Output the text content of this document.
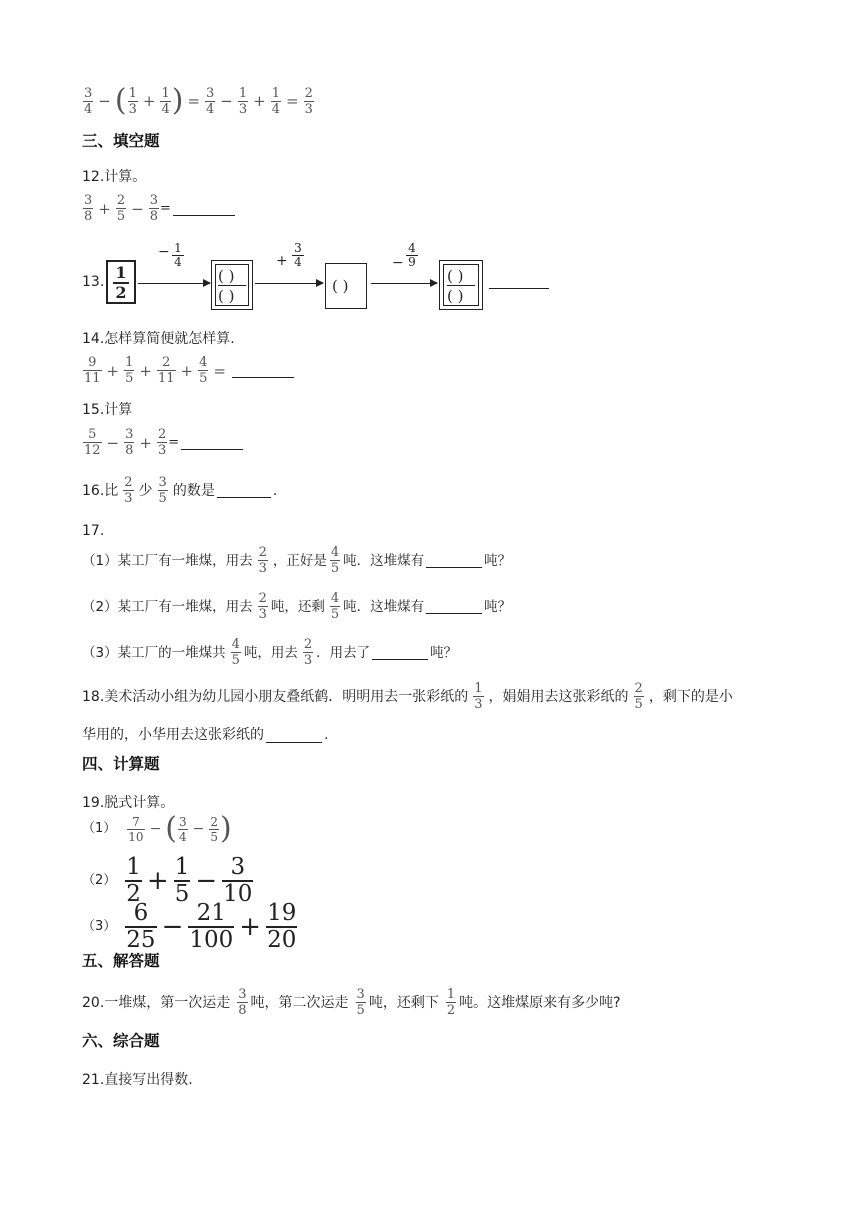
$\frac{3}{4}$ − ( $\frac{1}{3} + \frac{1}{4}$ ) = $\frac{3}{4} - \frac{1}{3} + \frac{1}{4} = \frac{2}{3}$
三、填空题
12.计算。
$\frac{3}{8} + \frac{2}{5} - \frac{3}{8}$ =
13. 1
2
− 1
4
( )
( )
+
3
4
( )
−
4
9
( )
( )
14.怎样算简便就怎样算.
$\frac{9}{11} + \frac{1}{5} + \frac{2}{11} + \frac{4}{5}$ =
15.计算
$\frac{5}{12} - \frac{3}{8} + \frac{2}{3}$ =
16.比 $\frac{2}{3}$ 少 $\frac{3}{5}$ 的数是	.
17.
（1）某工厂有一堆煤，用去 $\frac{2}{3}$ ，正好是 $\frac{4}{5}$ 吨．这堆煤有	吨？
（2）某工厂有一堆煤，用去 $\frac{2}{3}$ 吨，还剩 $\frac{4}{5}$ 吨．这堆煤有	吨？
（3）某工厂的一堆煤共 $\frac{4}{5}$ 吨，用去 $\frac{2}{3}$ ．用去了	吨？
18.美术活动小组为幼儿园小朋友叠纸鹤．明明用去一张彩纸的 $\frac{1}{3}$ ，娟娟用去这张彩纸的 $\frac{2}{5}$ ，剩下的是小
华用的，小华用去这张彩纸的	.
四、计算题
19.脱式计算。
$(1) \frac{7}{10}$ − ( $\frac{3}{4} - \frac{2}{5}$ )
$(2) \frac{1}{2} + \frac{1}{5} - \frac{3}{10}$
$(3) \frac{6}{25} - \frac{21}{100} + \frac{19}{20}$
五、解答题
20.一堆煤，第一次运走 $\frac{3}{8}$ 吨，第二次运走 $\frac{3}{5}$ 吨，还剩下 $\frac{1}{2}$ 吨。这堆煤原来有多少吨?
六、综合题
21.直接写出得数.
